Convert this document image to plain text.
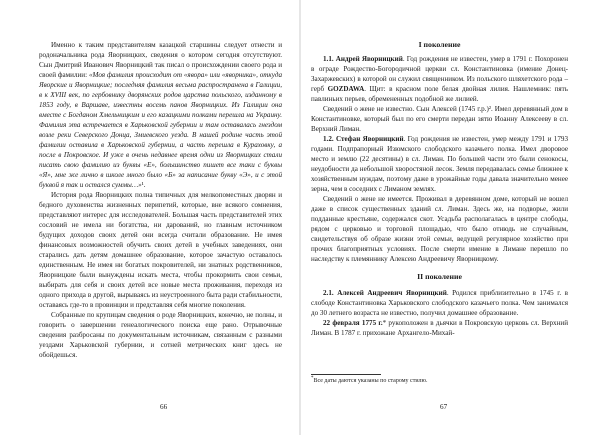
Именно к таким представителям казацкой старшины следует отнести и родоначальника рода Яворницких, сведения о котором сегодня отсутствуют. Сын Дмитрий Иванович Яворницкий так писал о происхождении своего рода и своей фамилии: «Моя фамилия происходит от «явора» или «яворника», откуда Яворские и Яворницкие; последняя фамилия весьма распространена в Галиции, в к XVIII век, по гербовнику дворянских родов царства польского, изданному в 1853 году, в Варшаве, известны восемь панов Яворницких. Из Галиции она вместе с Богданом Хмельницким и его казацкими полками перешла на Украину. Фамилия эта встречается в Харьковской губернии и там оставалась гнездом возле реки Северского Донца, Змиевского уезда. В нашей родине часть этой фамилии оставила в Харьковской губернии, а часть перешла в Кураховку, а после в Покровское. И уже в очень недавнее время одни из Яворницких стали писать свою фамилию из буквы «Е», большинство пишет все таки с буквы «Я», мне же лично в школе много было «Б» за написание букву «Э», и с этой буквой я так и остался суммы…»¹.

История рода Яворницких полна типичных для мелкопоместных дворян и бедного духовенства жизненных перипетий, которые, вне всякого сомнения, представляют интерес для исследователей. Большая часть представителей этих сословий не имела ни богатства, ни дарований, но главным источником будущих доходов своих детей они всегда считали образование. Не имея финансовых возможностей обучить своих детей в учебных заведениях, они старались дать детям домашнее образование, которое зачастую оставалось единственным. Не имея ни богатых покровителей, ни знатных родственников, Яворницкие были вынуждены искать места, чтобы прокормить свои семьи, выбирать для себя и своих детей все новые места проживания, переходя из одного прихода в другой, вырываясь из неустроенного быта ради стабильности, оставаясь где-то в провинции и представляя себя многие поколения.

Собранные по крупицам сведения о роде Яворницких, конечно, не полны, и говорить о завершении генеалогического поиска еще рано. Отрывочные сведения разбросаны по документальным источникам, связанным с разными уездами Харьковской губернии, и сотней метрических книг здесь не обойдешься.

66
I поколение

1.1. Андрей Яворницкий. Год рождения не известен, умер в 1791 г. Похоронен в ограде Рождество-Богородичной церкви сл. Константиновка (имение Донец-Захаржевских) в которой он служил священником. Из польского шляхетского рода – герб GOZDAWA. Щит: в красном поле белая двойная лилия. Нашлемник: пять павлиньих перьев, обремененных подобной же лилией.

Сведений о жене не известно. Сын Алексей (1745 г.р.)². Имел деревянный дом в Константиновке, который был по его смерти передан зятю Иоанну Алексееву в сл. Верхний Лиман.

1.2. Стефан Яворницкий. Год рождения не известен, умер между 1791 и 1793 годами. Подпрапорный Изюмского слободского казачьего полка. Имел дворовое место и землю (22 десятины) в сл. Лиман. По большей части это были сенокосы, неудобности да небольшой хворостяной лесок. Земля передавалась семье ближнее к хозяйственным нуждам, поэтому даже в урожайные годы давала значительно менее зерна, чем в соседних с Лиманом землях.

Сведений о жене не имеется. Проживал в деревянном доме, который не вошел даже в список существенных зданий сл. Лиман. Здесь же, на подворье, жили подданные крестьяне, содержался скот. Усадьба располагалась в центре слободы, рядом с церковью и торговой площадью, что было отнюдь не случайным, свидетельствуя об образе жизни этой семьи, ведущей регулярное хозяйство при прочих благоприятных условиях. После смерти имение в Лимане перешло по наследству к племяннику Алексею Андреевичу Яворницкому.

II поколение

2.1. Алексей Андреевич Яворницкий. Родился приблизительно в 1745 г. в слободе Константиновка Харьковского слободского казачьего полка. Чем занимался до 30 летнего возраста не известно, получил домашнее образование.

22 февраля 1775 г.* рукоположен в дьячки в Покровскую церковь сл. Верхний Лиман. В 1787 г. прихожане Архангело-Михай-

*Все даты даются указаны по старому стилю.
67
